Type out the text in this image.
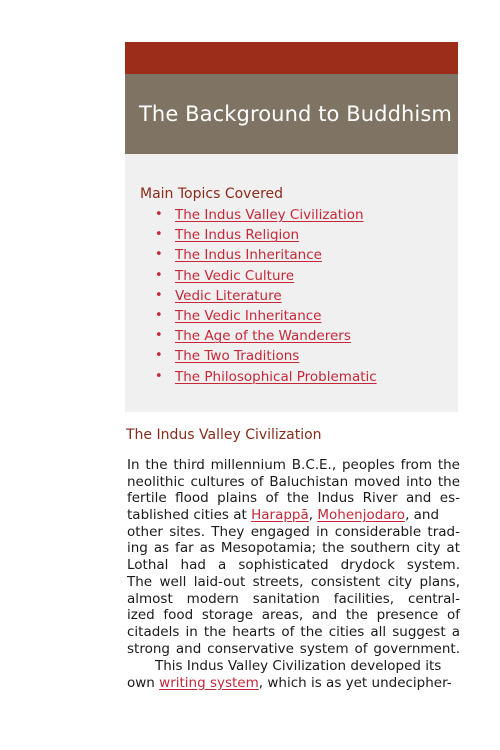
The Background to Buddhism
Main Topics Covered
• The Indus Valley Civilization
• The Indus Religion
• The Indus Inheritance
• The Vedic Culture
• Vedic Literature
• The Vedic Inheritance
• The Age of the Wanderers
• The Two Traditions
• The Philosophical Problematic
The Indus Valley Civilization
In the third millennium B.C.E., peoples from the
neolithic cultures of Baluchistan moved into the
fertile flood plains of the Indus River and es-
tablished cities at Harappā, Mohenjodaro, and
other sites. They engaged in considerable trad-
ing as far as Mesopotamia; the southern city at
Lothal had a sophisticated drydock system.
The well laid-out streets, consistent city plans,
almost modern sanitation facilities, central-
ized food storage areas, and the presence of
citadels in the hearts of the cities all suggest a
strong and conservative system of government.
This Indus Valley Civilization developed its
own writing system, which is as yet undecipher-
